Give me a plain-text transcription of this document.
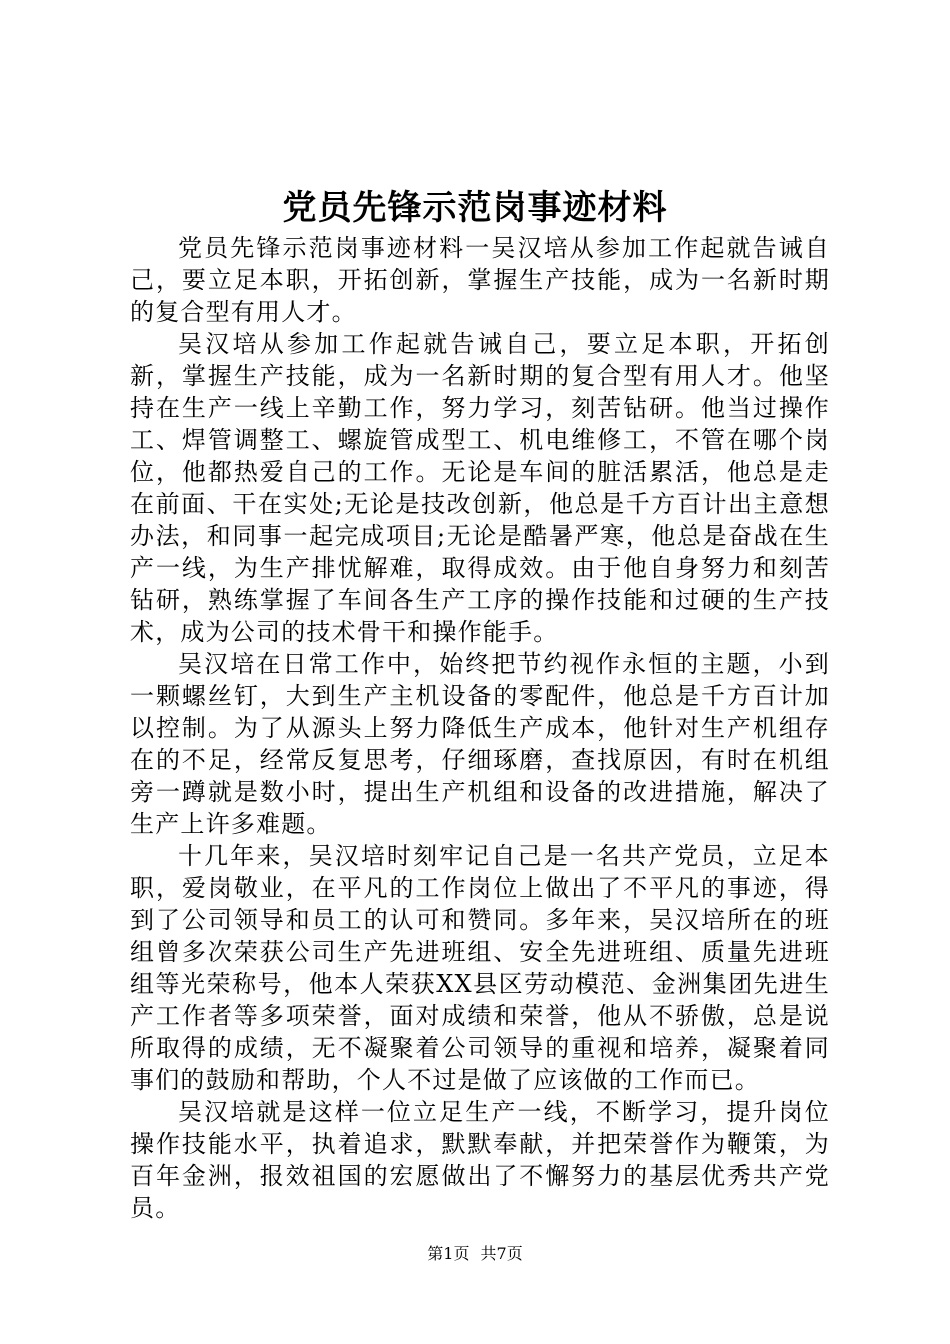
党员先锋示范岗事迹材料

党员先锋示范岗事迹材料一吴汉培从参加工作起就告诫自己，要立足本职，开拓创新，掌握生产技能，成为一名新时期的复合型有用人才。

吴汉培从参加工作起就告诫自己，要立足本职，开拓创新，掌握生产技能，成为一名新时期的复合型有用人才。他坚持在生产一线上辛勤工作，努力学习，刻苦钻研。他当过操作工、焊管调整工、螺旋管成型工、机电维修工，不管在哪个岗位，他都热爱自己的工作。无论是车间的脏活累活，他总是走在前面、干在实处;无论是技改创新，他总是千方百计出主意想办法，和同事一起完成项目;无论是酷暑严寒，他总是奋战在生产一线，为生产排忧解难，取得成效。由于他自身努力和刻苦钻研，熟练掌握了车间各生产工序的操作技能和过硬的生产技术，成为公司的技术骨干和操作能手。

吴汉培在日常工作中，始终把节约视作永恒的主题，小到一颗螺丝钉，大到生产主机设备的零配件，他总是千方百计加以控制。为了从源头上努力降低生产成本，他针对生产机组存在的不足，经常反复思考，仔细琢磨，查找原因，有时在机组旁一蹲就是数小时，提出生产机组和设备的改进措施，解决了生产上许多难题。

十几年来，吴汉培时刻牢记自己是一名共产党员，立足本职，爱岗敬业，在平凡的工作岗位上做出了不平凡的事迹，得到了公司领导和员工的认可和赞同。多年来，吴汉培所在的班组曾多次荣获公司生产先进班组、安全先进班组、质量先进班组等光荣称号，他本人荣获XX县区劳动模范、金洲集团先进生产工作者等多项荣誉，面对成绩和荣誉，他从不骄傲，总是说所取得的成绩，无不凝聚着公司领导的重视和培养，凝聚着同事们的鼓励和帮助，个人不过是做了应该做的工作而已。

吴汉培就是这样一位立足生产一线，不断学习，提升岗位操作技能水平，执着追求，默默奉献，并把荣誉作为鞭策，为百年金洲，报效祖国的宏愿做出了不懈努力的基层优秀共产党员。

第1页 共7页
